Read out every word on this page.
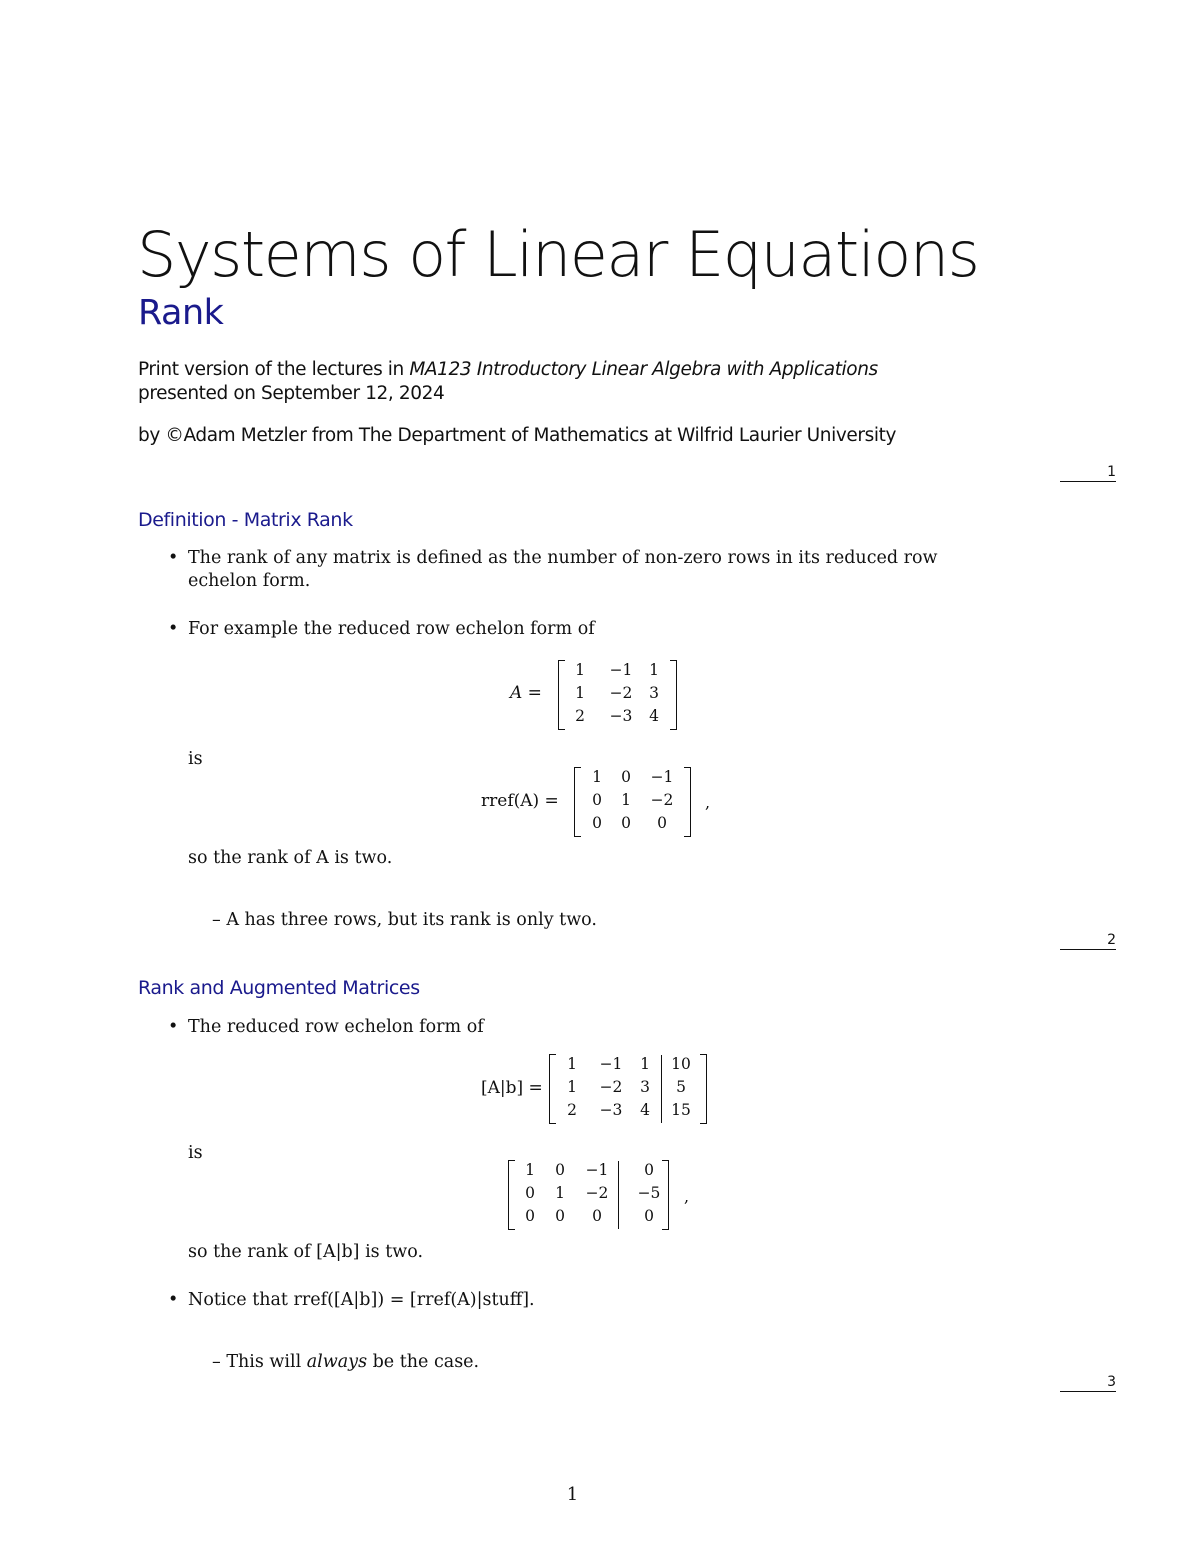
Systems of Linear Equations
Rank
Print version of the lectures in MA123 Introductory Linear Algebra with Applications
presented on September 12, 2024
by ©Adam Metzler from The Department of Mathematics at Wilfrid Laurier University
1
Definition - Matrix Rank
The rank of any matrix is defined as the number of non-zero rows in its reduced row
echelon form.
For example the reduced row echelon form of
A =
1	−1	1
1	−2	3
2	−3	4
is
rref(A) =
1	0	−1
0	1	−2
0	0	0
,
so the rank of A is two.
– A has three rows, but its rank is only two.
2
Rank and Augmented Matrices
The reduced row echelon form of
[A|b] =
1	−1	1	10
1	−2	3	5
2	−3	4	15
is
1	0	−1	0
0	1	−2 −5
0	0	0	0
,
so the rank of [A|b] is two.
Notice that rref([A|b]) = [rref(A)|stuff].
– This will always be the case.
3
1
